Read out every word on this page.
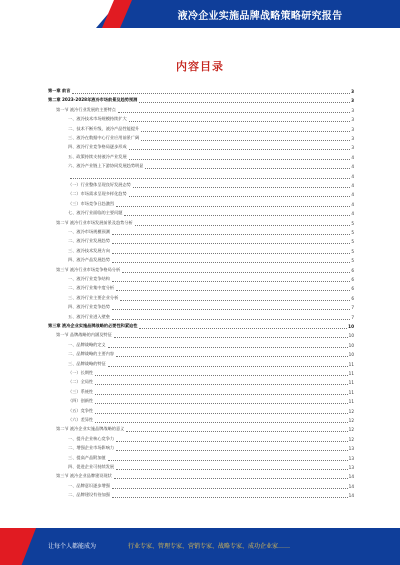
液冷企业实施品牌战略策略研究报告
内容目录
第一章 前言	3
第二章 2023-2028年液冷市场前景及趋势预测	3
第一节 液冷行业发展的主要特点	3
一、液冷技术市场规模持续扩大	3
二、技术不断升级，液冷产品性能提升	3
三、液冷在数据中心行业应用前景广阔	3
四、液冷行业竞争格局逐步形成	3
五、政策持续支持液冷产业发展	4
六、液冷产业链上下游协同发展趋势明显	4
4
（一）行业整体呈现良好发展态势	4
（二）市场需求呈现多样化趋势	4
（三）市场竞争日趋激烈	4
七、液冷行业面临的主要问题	4
第二节 液冷行业市场发展前景及趋势分析	5
一、液冷市场规模预测	5
二、液冷行业发展趋势	5
三、液冷技术发展方向	5
四、液冷产品发展趋势	5
第三节 液冷行业市场竞争格局分析	6
一、液冷行业竞争结构	6
二、液冷行业集中度分析	6
三、液冷行业主要企业分析	6
四、液冷行业竞争趋势	7
五、液冷行业进入壁垒	7
第三章 液冷企业实施品牌战略的必要性和紧迫性	10
第一节 品牌战略的内涵及特征	10
一、品牌战略的定义	10
二、品牌战略的主要内容	10
三、品牌战略的特征	11
（一）长期性	11
（二）全局性	11
（三）系统性	11
（四）创新性	11
（五）竞争性	12
（六）差异性	12
第二节 液冷企业实施品牌战略的意义	12
一、提升企业核心竞争力	12
二、增强企业市场影响力	13
三、提高产品附加值	13
四、促进企业可持续发展	13
第三节 液冷企业品牌建设现状	14
一、品牌意识逐步增强	14
二、品牌建设有待加强	14
让每个人都能成为	行业专家、管理专家、营销专家、战略专家、成功企业家……
